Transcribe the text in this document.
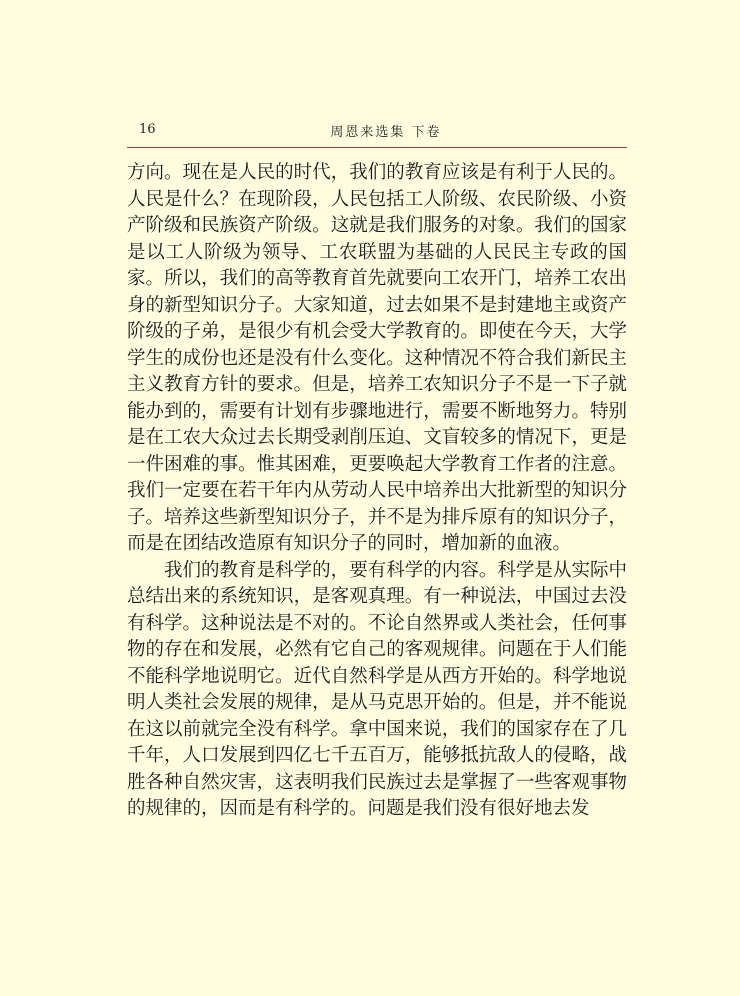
16	周恩来选集 下卷

方向。现在是人民的时代，我们的教育应该是有利于人民的。人民是什么？在现阶段，人民包括工人阶级、农民阶级、小资产阶级和民族资产阶级。这就是我们服务的对象。我们的国家是以工人阶级为领导、工农联盟为基础的人民民主专政的国家。所以，我们的高等教育首先就要向工农开门，培养工农出身的新型知识分子。大家知道，过去如果不是封建地主或资产阶级的子弟，是很少有机会受大学教育的。即使在今天，大学学生的成份也还是没有什么变化。这种情况不符合我们新民主主义教育方针的要求。但是，培养工农知识分子不是一下子就能办到的，需要有计划有步骤地进行，需要不断地努力。特别是在工农大众过去长期受剥削压迫、文盲较多的情况下，更是一件困难的事。惟其困难，更要唤起大学教育工作者的注意。我们一定要在若干年内从劳动人民中培养出大批新型的知识分子。培养这些新型知识分子，并不是为排斥原有的知识分子，而是在团结改造原有知识分子的同时，增加新的血液。

我们的教育是科学的，要有科学的内容。科学是从实际中总结出来的系统知识，是客观真理。有一种说法，中国过去没有科学。这种说法是不对的。不论自然界或人类社会，任何事物的存在和发展，必然有它自己的客观规律。问题在于人们能不能科学地说明它。近代自然科学是从西方开始的。科学地说明人类社会发展的规律，是从马克思开始的。但是，并不能说在这以前就完全没有科学。拿中国来说，我们的国家存在了几千年，人口发展到四亿七千五百万，能够抵抗敌人的侵略，战胜各种自然灾害，这表明我们民族过去是掌握了一些客观事物的规律的，因而是有科学的。问题是我们没有很好地去发
